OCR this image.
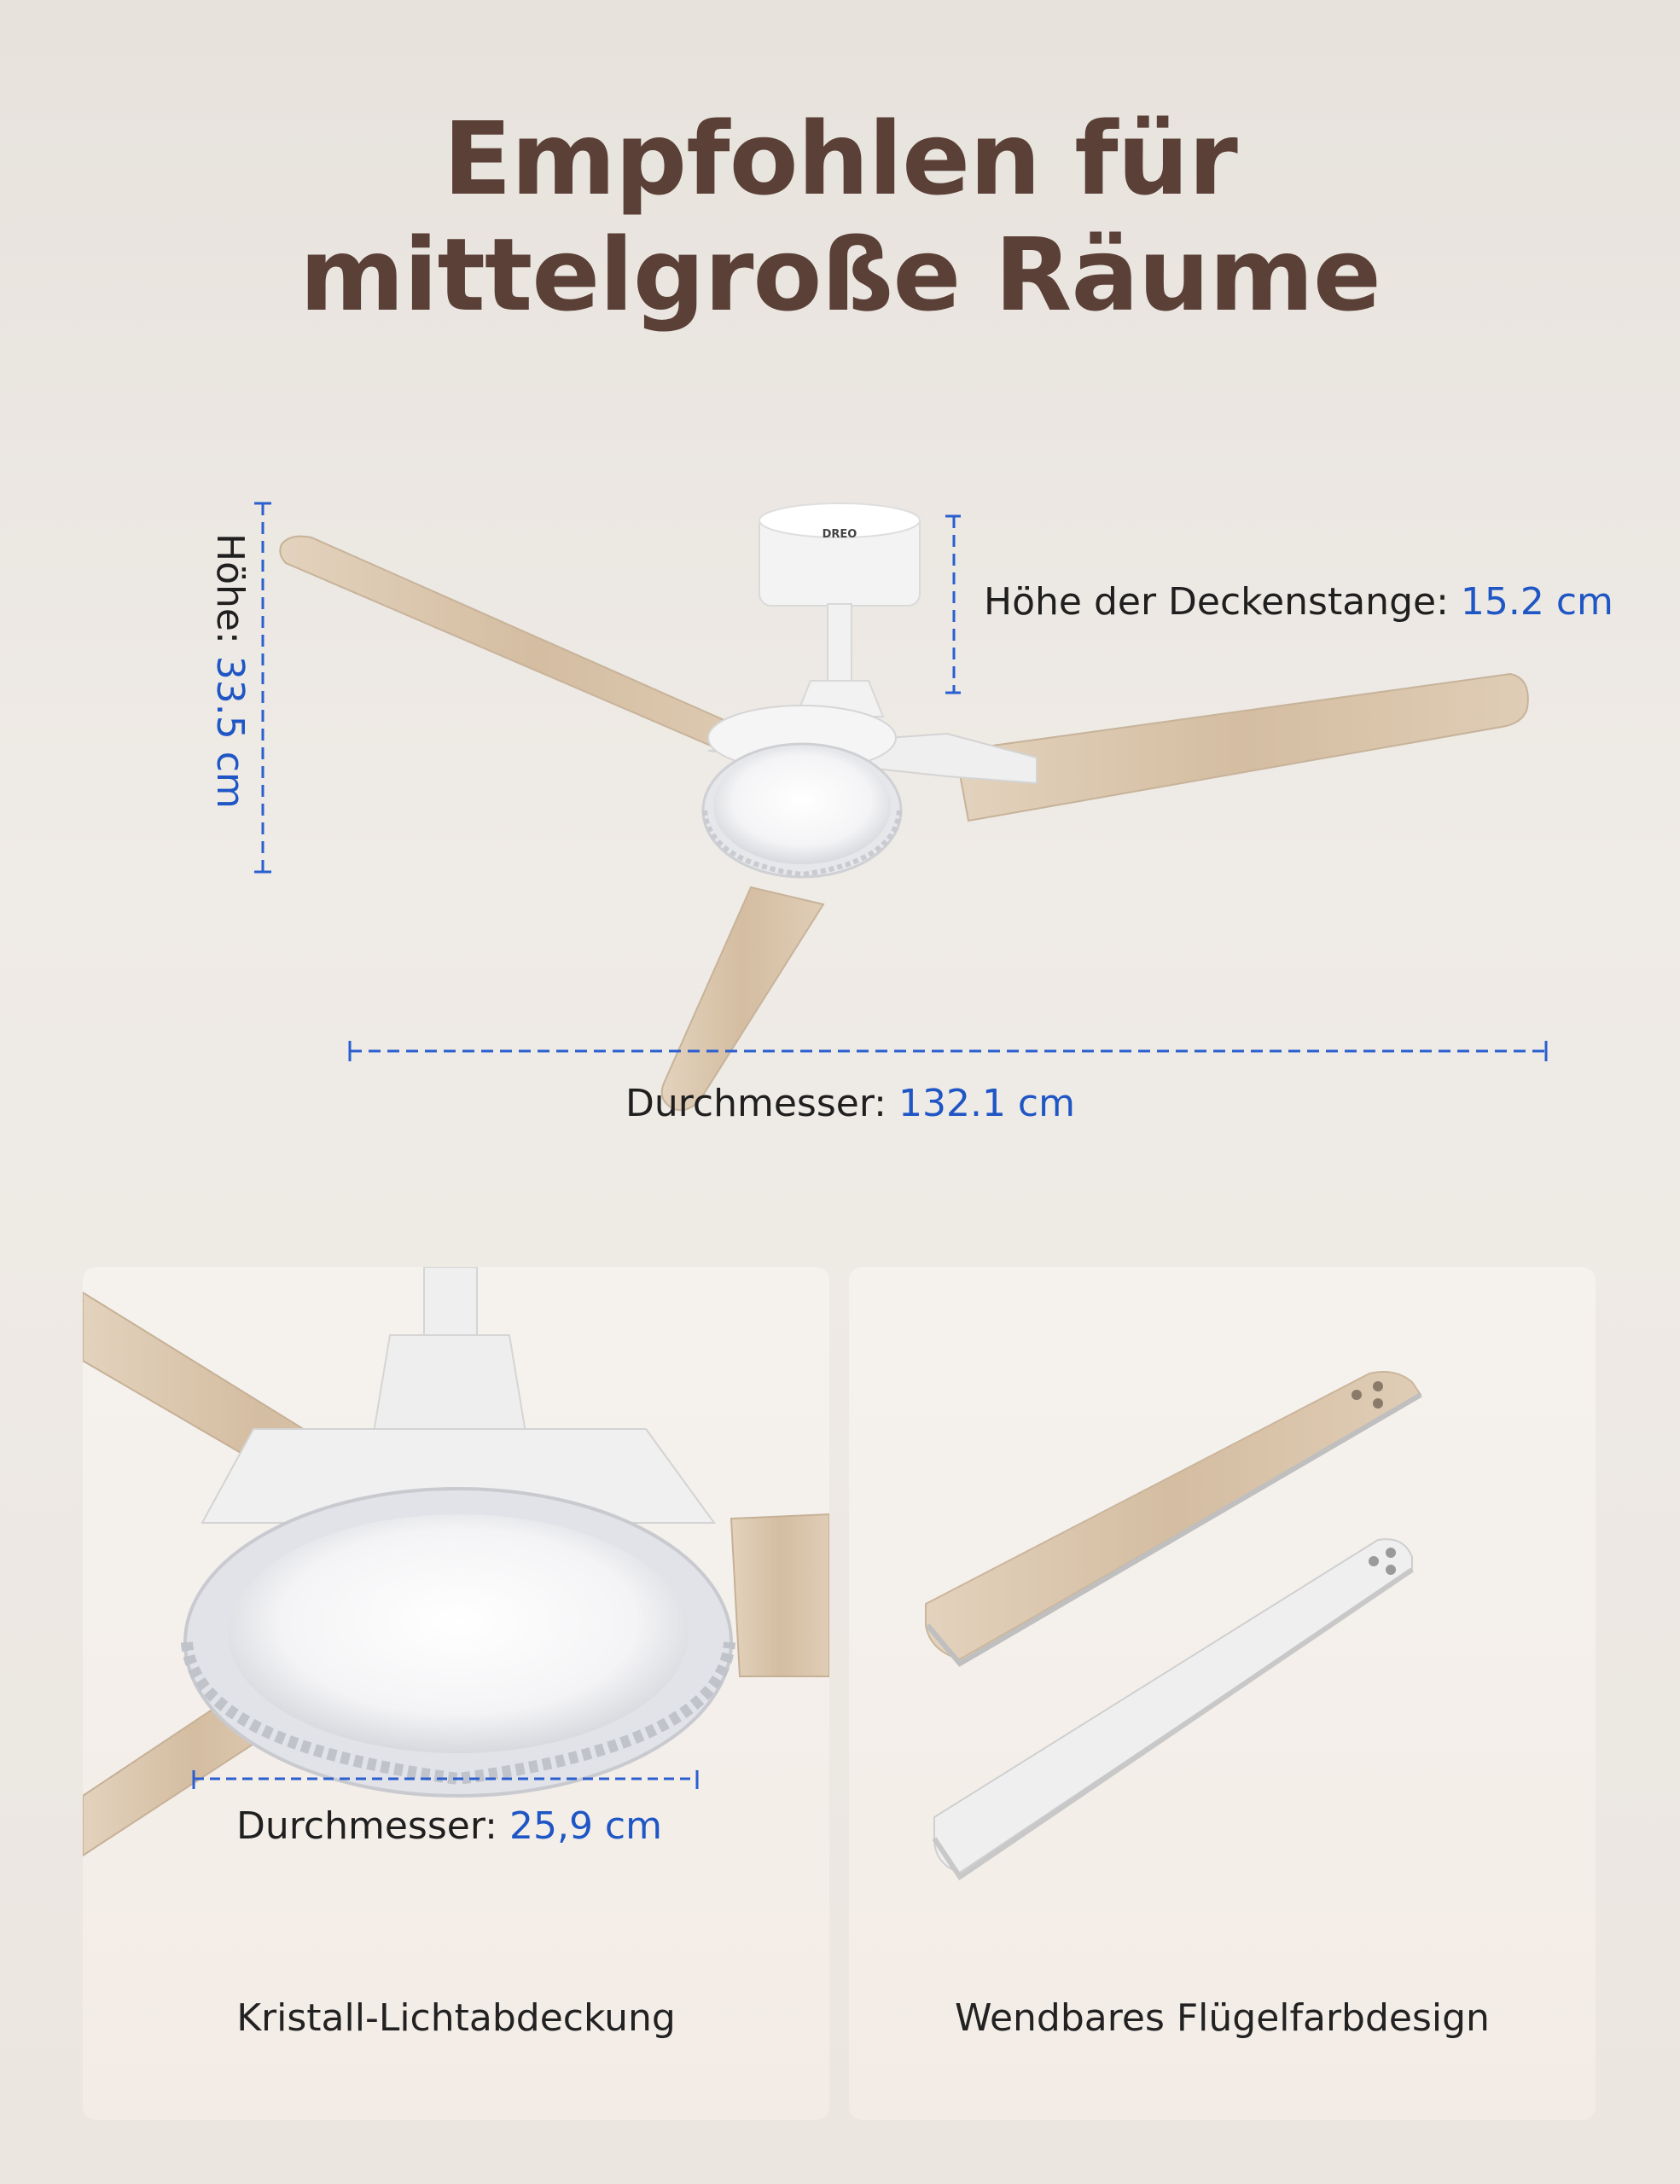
Empfohlen für
mittelgroße Räume
DREO
Höhe: 33.5 cm
Höhe der Deckenstange: 15.2 cm
Durchmesser: 132.1 cm
Durchmesser: 25,9 cm
Kristall-Lichtabdeckung	Wendbares Flügelfarbdesign
